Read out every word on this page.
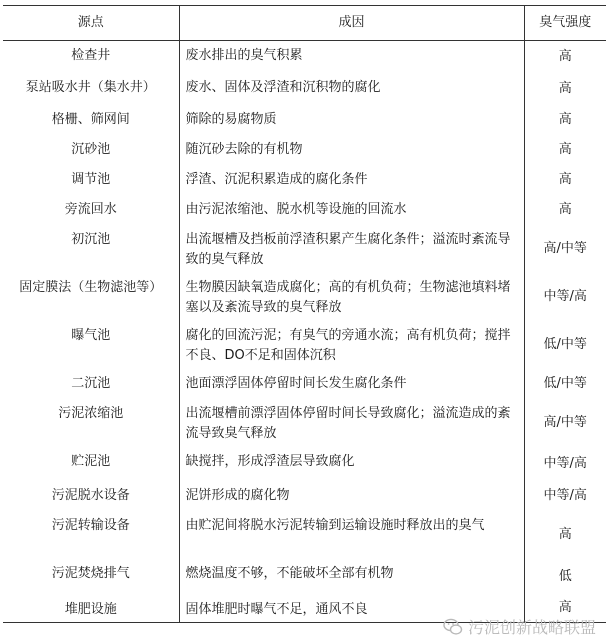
源点	成因	臭气强度
检查井	废水排出的臭气积累	高
泵站吸水井（集水井）	废水、固体及浮渣和沉积物的腐化	高
格栅、筛网间	筛除的易腐物质	高
沉砂池	随沉砂去除的有机物	高
调节池	浮渣、沉泥积累造成的腐化条件	高
旁流回水	由污泥浓缩池、脱水机等设施的回流水	高
初沉池	出流堰槽及挡板前浮渣积累产生腐化条件；溢流时紊流导致的臭气释放	高/中等
固定膜法（生物滤池等）	生物膜因缺氧造成腐化；高的有机负荷；生物滤池填料堵塞以及紊流导致的臭气释放	中等/高
曝气池	腐化的回流污泥；有臭气的旁通水流；高有机负荷；搅拌不良、DO不足和固体沉积	低/中等
二沉池	池面漂浮固体停留时间长发生腐化条件	低/中等
污泥浓缩池	出流堰槽前漂浮固体停留时间长导致腐化；溢流造成的紊流导致臭气释放	高/中等
贮泥池	缺搅拌，形成浮渣层导致腐化	中等/高
污泥脱水设备	泥饼形成的腐化物	中等/高
污泥转输设备	由贮泥间将脱水污泥转输到运输设施时释放出的臭气	高
污泥焚烧排气	燃烧温度不够，不能破坏全部有机物	低
堆肥设施	固体堆肥时曝气不足，通风不良	高
污泥创新战略联盟
